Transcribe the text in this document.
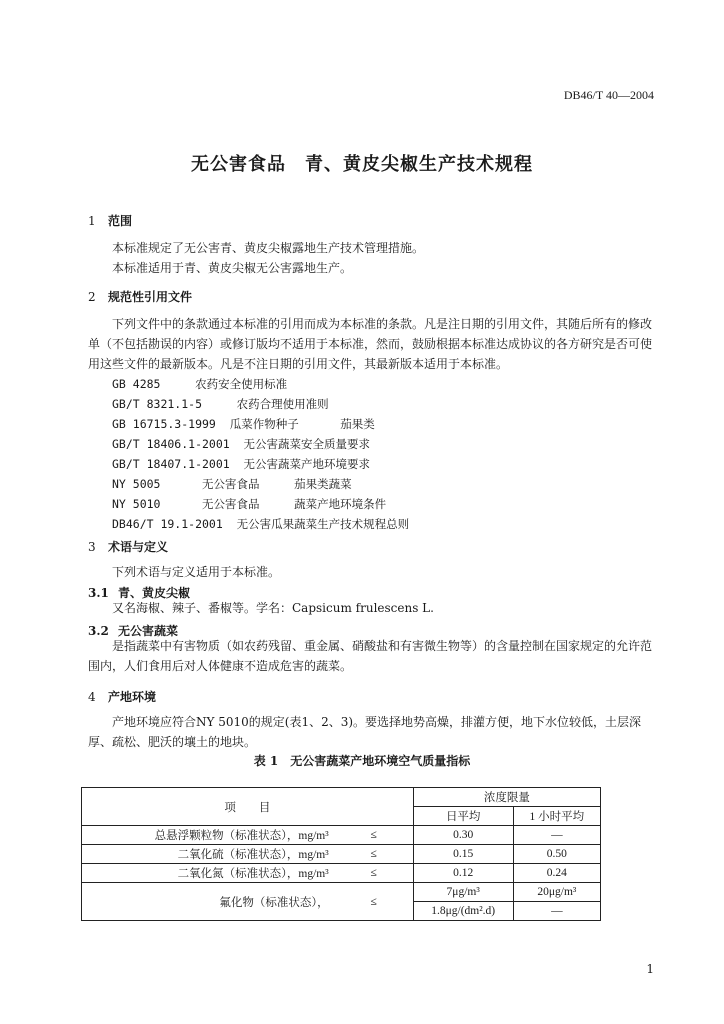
DB46/T 40—2004
无公害食品　青、黄皮尖椒生产技术规程
1 范围
本标准规定了无公害青、黄皮尖椒露地生产技术管理措施。
本标准适用于青、黄皮尖椒无公害露地生产。
2 规范性引用文件
下列文件中的条款通过本标准的引用而成为本标准的条款。凡是注日期的引用文件，其随后所有的修改单（不包括勘误的内容）或修订版均不适用于本标准，然而，鼓励根据本标准达成协议的各方研究是否可使用这些文件的最新版本。凡是不注日期的引用文件，其最新版本适用于本标准。
GB 4285     农药安全使用标准
GB/T 8321.1-5     农药合理使用准则
GB 16715.3-1999  瓜菜作物种子      茄果类
GB/T 18406.1-2001  无公害蔬菜安全质量要求
GB/T 18407.1-2001  无公害蔬菜产地环境要求
NY 5005      无公害食品     茄果类蔬菜
NY 5010      无公害食品     蔬菜产地环境条件
DB46/T 19.1-2001  无公害瓜果蔬菜生产技术规程总则
3 术语与定义
下列术语与定义适用于本标准。
3.1 青、黄皮尖椒
又名海椒、辣子、番椒等。学名：Capsicum frulescens L.
3.2 无公害蔬菜
是指蔬菜中有害物质（如农药残留、重金属、硝酸盐和有害微生物等）的含量控制在国家规定的允许范围内，人们食用后对人体健康不造成危害的蔬菜。
4 产地环境
产地环境应符合NY 5010的规定(表1、2、3)。要选择地势高燥，排灌方便，地下水位较低，土层深厚、疏松、肥沃的壤土的地块。
表 1　无公害蔬菜产地环境空气质量指标
项　　目		浓度限量	
		日平均	1 小时平均
总悬浮颗粒物（标准状态），mg/m³	≤	0.30	—
二氧化硫（标准状态），mg/m³	≤	0.15	0.50
二氧化氮（标准状态），mg/m³	≤	0.12	0.24
氟化物（标准状态），	≤	7μg/m³	20μg/m³
		1.8μg/(dm².d)	—
1
